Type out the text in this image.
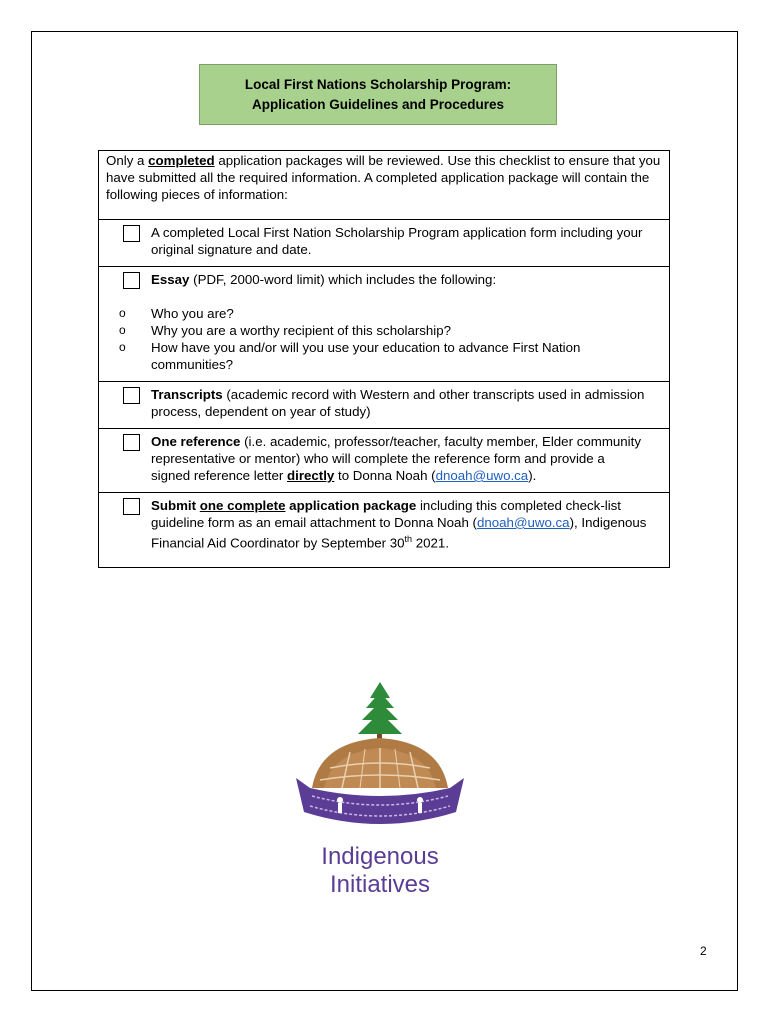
Local First Nations Scholarship Program:
Application Guidelines and Procedures
Only a completed application packages will be reviewed. Use this checklist to ensure that you have submitted all the required information. A completed application package will contain the following pieces of information:
A completed Local First Nation Scholarship Program application form including your original signature and date.
Essay (PDF, 2000-word limit) which includes the following:
o Who you are?
o Why you are a worthy recipient of this scholarship?
o How have you and/or will you use your education to advance First Nation communities?
Transcripts (academic record with Western and other transcripts used in admission process, dependent on year of study)
One reference (i.e. academic, professor/teacher, faculty member, Elder community representative or mentor) who will complete the reference form and provide a signed reference letter directly to Donna Noah (dnoah@uwo.ca).
Submit one complete application package including this completed check-list guideline form as an email attachment to Donna Noah (dnoah@uwo.ca), Indigenous Financial Aid Coordinator by September 30th 2021.
Indigenous
Initiatives
2
